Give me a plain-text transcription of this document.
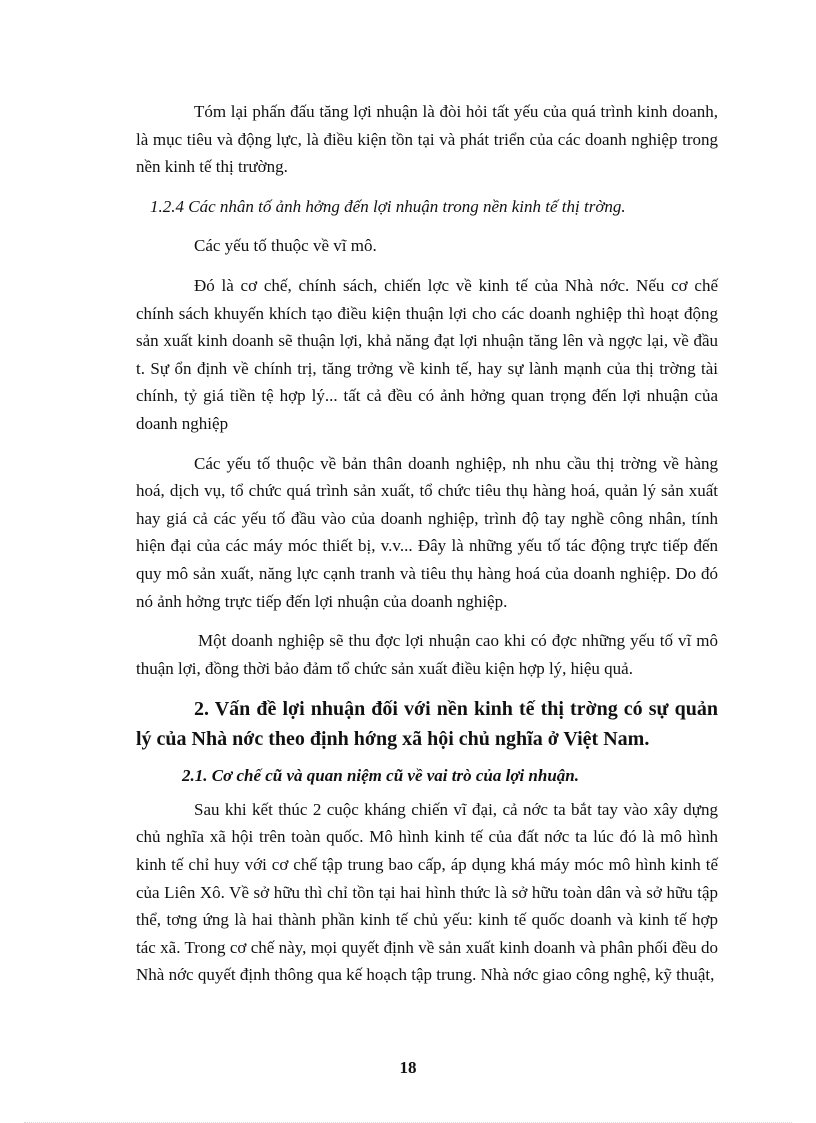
Tóm lại phấn đấu tăng lợi nhuận là đòi hỏi tất yếu của quá trình kinh doanh, là mục tiêu và động lực, là điều kiện tồn tại và phát triển của các doanh nghiệp trong nền kinh tế thị trường.

1.2.4 Các nhân tố ảnh hởng đến lợi nhuận trong nền kinh tế thị trờng.

Các yếu tố thuộc về vĩ mô.

Đó là cơ chế, chính sách, chiến lợc về kinh tế của Nhà nớc. Nếu cơ chế chính sách khuyến khích tạo điều kiện thuận lợi cho các doanh nghiệp thì hoạt động sản xuất kinh doanh sẽ thuận lợi, khả năng đạt lợi nhuận tăng lên và ngợc lại, về đầu t. Sự ổn định về chính trị, tăng trởng về kinh tế, hay sự lành mạnh của thị trờng tài chính, tỷ giá tiền tệ hợp lý... tất cả đều có ảnh hởng quan trọng đến lợi nhuận của doanh nghiệp

Các yếu tố thuộc về bản thân doanh nghiệp, nh nhu cầu thị trờng về hàng hoá, dịch vụ, tổ chức quá trình sản xuất, tổ chức tiêu thụ hàng hoá, quản lý sản xuất hay giá cả các yếu tố đầu vào của doanh nghiệp, trình độ tay nghề công nhân, tính hiện đại của các máy móc thiết bị, v.v... Đây là những yếu tố tác động trực tiếp đến quy mô sản xuất, năng lực cạnh tranh và tiêu thụ hàng hoá của doanh nghiệp. Do đó nó ảnh hởng trực tiếp đến lợi nhuận của doanh nghiệp.

Một doanh nghiệp sẽ thu đợc lợi nhuận cao khi có đợc những yếu tố vĩ mô thuận lợi, đồng thời bảo đảm tổ chức sản xuất điều kiện hợp lý, hiệu quả.

2. Vấn đề lợi nhuận đối với nền kinh tế thị trờng có sự quản lý của Nhà nớc theo định hớng xã hội chủ nghĩa ở Việt Nam.

2.1. Cơ chế cũ và quan niệm cũ về vai trò của lợi nhuận.

Sau khi kết thúc 2 cuộc kháng chiến vĩ đại, cả nớc ta bắt tay vào xây dựng chủ nghĩa xã hội trên toàn quốc. Mô hình kinh tế của đất nớc ta lúc đó là mô hình kinh tế chỉ huy với cơ chế tập trung bao cấp, áp dụng khá máy móc mô hình kinh tế của Liên Xô. Về sở hữu thì chỉ tồn tại hai hình thức là sở hữu toàn dân và sở hữu tập thể, tơng ứng là hai thành phần kinh tế chủ yếu: kinh tế quốc doanh và kinh tế hợp tác xã. Trong cơ chế này, mọi quyết định về sản xuất kinh doanh và phân phối đều do Nhà nớc quyết định thông qua kế hoạch tập trung. Nhà nớc giao công nghệ, kỹ thuật,

18
